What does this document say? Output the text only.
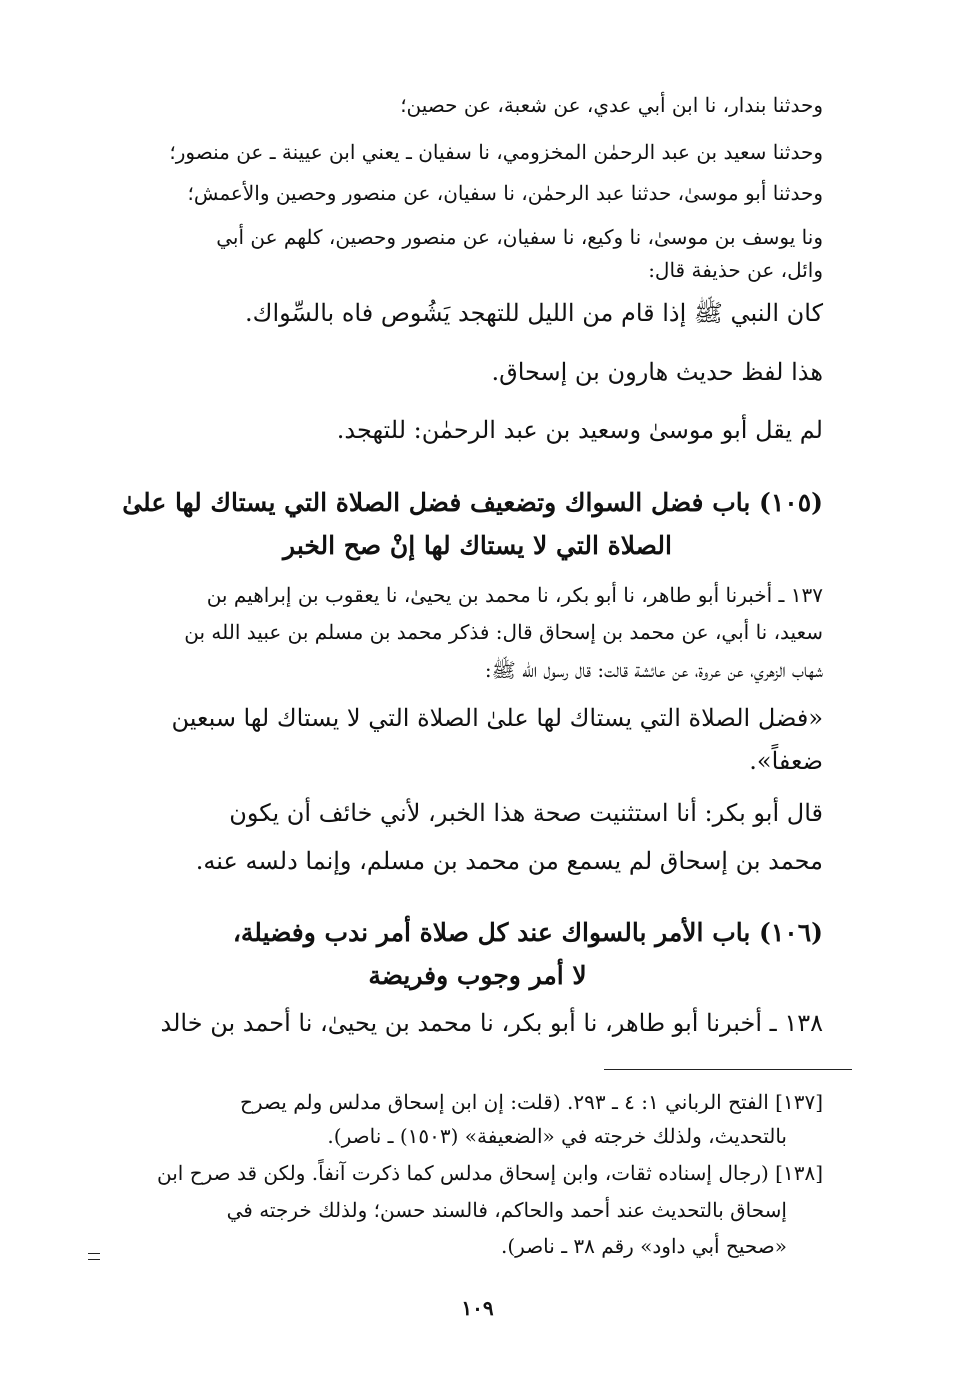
وحدثنا بندار، نا ابن أبي عدي، عن شعبة، عن حصين؛
وحدثنا سعيد بن عبد الرحمٰن المخزومي، نا سفيان ـ يعني ابن عيينة ـ عن منصور؛
وحدثنا أبو موسىٰ، حدثنا عبد الرحمٰن، نا سفيان، عن منصور وحصين والأعمش؛
ونا يوسف بن موسىٰ، نا وكيع، نا سفيان، عن منصور وحصين، كلهم عن أبي
وائل، عن حذيفة قال:
كان النبي ﷺ إذا قام من الليل للتهجد يَشُوص فاه بالسِّواك.
هذا لفظ حديث هارون بن إسحاق.
لم يقل أبو موسىٰ وسعيد بن عبد الرحمٰن: للتهجد.
(١٠٥) باب فضل السواك وتضعيف فضل الصلاة التي يستاك لها علىٰ
الصلاة التي لا يستاك لها إنْ صح الخبر
١٣٧ ـ أخبرنا أبو طاهر، نا أبو بكر، نا محمد بن يحيىٰ، نا يعقوب بن إبراهيم بن
سعيد، نا أبي، عن محمد بن إسحاق قال: فذكر محمد بن مسلم بن عبيد الله بن
شهاب الزهري، عن عروة، عن عائشة قالت: قال رسول الله ﷺ:
«فضل الصلاة التي يستاك لها علىٰ الصلاة التي لا يستاك لها سبعين
ضعفاً».
قال أبو بكر: أنا استثنيت صحة هذا الخبر، لأني خائف أن يكون
محمد بن إسحاق لم يسمع من محمد بن مسلم، وإنما دلسه عنه.
(١٠٦) باب الأمر بالسواك عند كل صلاة أمر ندب وفضيلة،
لا أمر وجوب وفريضة
١٣٨ ـ أخبرنا أبو طاهر، نا أبو بكر، نا محمد بن يحيىٰ، نا أحمد بن خالد
[١٣٧] الفتح الرباني ١: ٤ ـ ٢٩٣. (قلت: إن ابن إسحاق مدلس ولم يصرح
بالتحديث، ولذلك خرجته في «الضعيفة» (١٥٠٣) ـ ناصر).
[١٣٨] (رجال إسناده ثقات، وابن إسحاق مدلس كما ذكرت آنفاً. ولكن قد صرح ابن
إسحاق بالتحديث عند أحمد والحاكم، فالسند حسن؛ ولذلك خرجته في
«صحيح أبي داود» رقم ٣٨ ـ ناصر).
١٠٩
